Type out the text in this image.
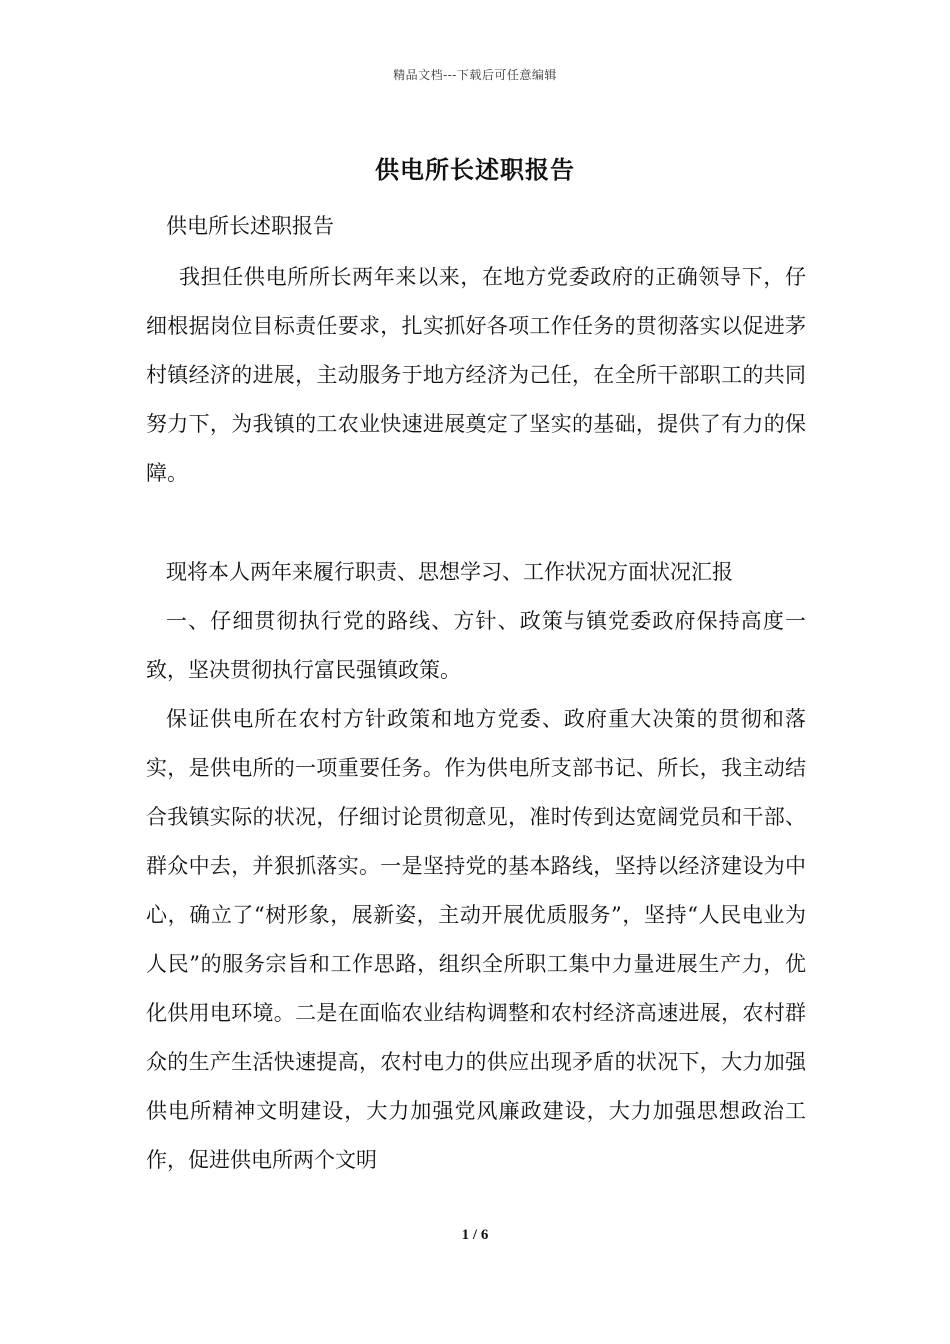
精品文档---下载后可任意编辑
供电所长述职报告

供电所长述职报告

我担任供电所所长两年来以来，在地方党委政府的正确领导下，仔细根据岗位目标责任要求，扎实抓好各项工作任务的贯彻落实以促进茅村镇经济的进展，主动服务于地方经济为己任，在全所干部职工的共同努力下，为我镇的工农业快速进展奠定了坚实的基础，提供了有力的保障。

现将本人两年来履行职责、思想学习、工作状况方面状况汇报

一、仔细贯彻执行党的路线、方针、政策与镇党委政府保持高度一致，坚决贯彻执行富民强镇政策。

保证供电所在农村方针政策和地方党委、政府重大决策的贯彻和落实，是供电所的一项重要任务。作为供电所支部书记、所长，我主动结合我镇实际的状况，仔细讨论贯彻意见，准时传到达宽阔党员和干部、群众中去，并狠抓落实。一是坚持党的基本路线，坚持以经济建设为中心，确立了“树形象，展新姿，主动开展优质服务”，坚持“人民电业为人民”的服务宗旨和工作思路，组织全所职工集中力量进展生产力，优化供用电环境。二是在面临农业结构调整和农村经济高速进展，农村群众的生产生活快速提高，农村电力的供应出现矛盾的状况下，大力加强供电所精神文明建设，大力加强党风廉政建设，大力加强思想政治工作，促进供电所两个文明

1 / 6
